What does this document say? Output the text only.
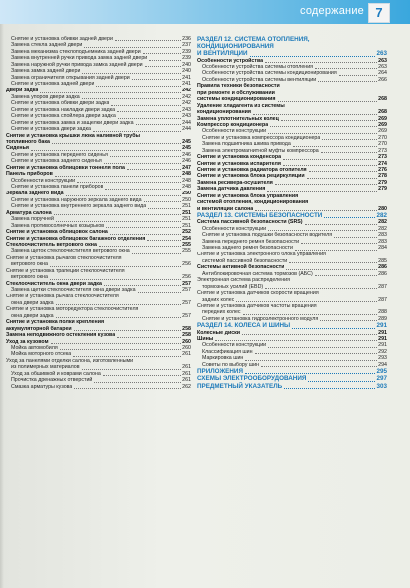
содержание 7
Снятие и установка обивки задней двери	236
Замена стекла задней двери	237
Замена механизма стеклоподъемника задней двери	239
Замена внутренней ручки привода замка задней двери	239
Замена наружной ручки привода замка задней двери	240
Замена замка задней двери	240
Замена ограничителя открывания задней двери	241
Снятие и установка задней двери	241
Двери задка	242
Замена упоров двери задка	242
Снятие и установка обивки двери задка	242
Снятие и установка накладки двери задка	243
Снятие и установка спойлера двери задка	243
Снятие и установка замка и защелки двери задка	244
Снятие и установка двери задка	244
Снятие и установка крышки люка наливной трубы
топливного бака	245
Сиденья	245
Снятие и установка переднего сиденья	246
Снятие и установка заднего сиденья	246
Снятие и установка облицовки тоннеля пола	247
Панель приборов	248
Особенности конструкции	248
Снятие и установка панели приборов	248
Зеркала заднего вида	250
Снятие и установка наружного зеркала заднего вида	250
Снятие и установка внутреннего зеркала заднего вида	251
Арматура салона	251
Замена поручней	251
Замена противосолнечных козырьков	251
Снятие и установка облицовок салона	252
Снятие и установка облицовок багажного отделения	254
Стеклоочиститель ветрового окна	255
Замена щеток стеклоочистителя ветрового окна	255
Снятие и установка рычагов стеклоочистителя
ветрового окна	256
Снятие и установка трапеции стеклоочистителя
ветрового окна	256
Стеклоочиститель окна двери задка	257
Замена щетки стеклоочистителя окна двери задка	257
Снятие и установка рычага стеклоочистителя
окна двери задка	257
Снятие и установка моторедуктора стеклоочистителя
окна двери задка	257
Снятие и установка полки крепления
аккумуляторной батареи	258
Замена неподвижного остекления кузова	258
Уход за кузовом	260
Мойка автомобиля	260
Мойка моторного отсека	261
Уход за панелями отделки салона, изготовленными
из полимерных материалов	261
Уход за обшивкой и коврами салона	261
Прочистка дренажных отверстий	261
Смазка арматуры кузова	262
РАЗДЕЛ 12. СИСТЕМА ОТОПЛЕНИЯ,
КОНДИЦИОНИРОВАНИЯ
И ВЕНТИЛЯЦИИ	263
Особенности устройства	263
Особенности устройства системы отопления	263
Особенности устройства системы кондиционирования	264
Особенности устройства системы вентиляции	266
Правила техники безопасности
при ремонте и обслуживании
системы кондиционирования	268
Удаление хладагента из системы
кондиционирования	268
Замена уплотнительных колец	269
Компрессор кондиционера	269
Особенности конструкции	269
Снятие и установка компрессора кондиционера	270
Замена подшипника шкива привода	270
Замена электромагнитной муфты компрессора	273
Снятие и установка конденсора	273
Снятие и установка испарителя	274
Снятие и установка радиатора отопителя	276
Снятие и установка блока рециркуляции	278
Замена ресивера-осушителя	279
Замена датчика давления	279
Снятие и установка блока управления
системой отопления, кондиционирования
и вентиляции салона	280
РАЗДЕЛ 13. СИСТЕМЫ БЕЗОПАСНОСТИ	282
Система пассивной безопасности (SRS)	282
Особенности конструкции	282
Снятие и установка подушки безопасности водителя	283
Замена переднего ремня безопасности	283
Замена заднего ремня безопасности	284
Снятие и установка электронного блока управления
системой пассивной безопасности	285
Системы активной безопасности	286
Антиблокировочная система тормозов (АБС)	286
Электронная система распределения
тормозных усилий (EBD)	287
Снятие и установка датчиков скорости вращения
задних колес	287
Снятие и установка датчиков частоты вращения
передних колес	288
Снятие и установка гидроэлектронного модуля	289
РАЗДЕЛ 14. КОЛЕСА И ШИНЫ	291
Колесные диски	291
Шины	291
Особенности конструкции	291
Классификация шин	292
Маркировка шин	293
Советы по выбору шин	294
ПРИЛОЖЕНИЯ	295
СХЕМЫ ЭЛЕКТРООБОРУДОВАНИЯ	297
ПРЕДМЕТНЫЙ УКАЗАТЕЛЬ	303
